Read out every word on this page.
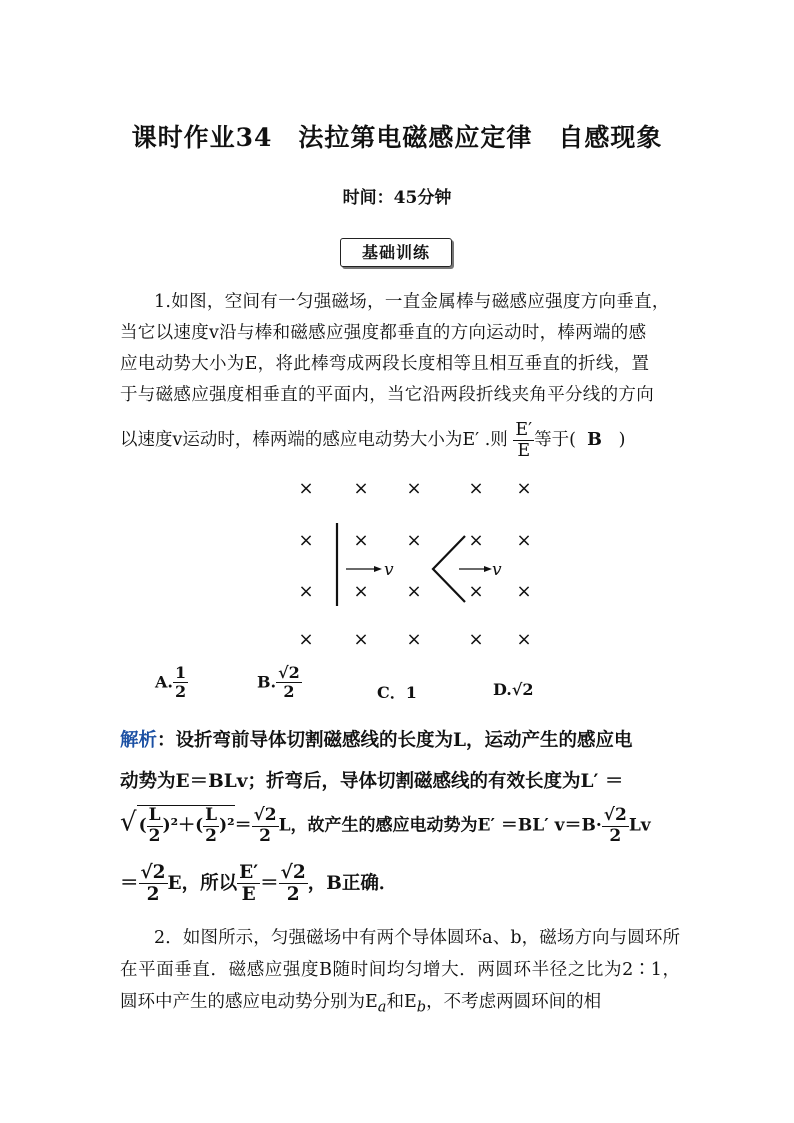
课时作业34 法拉第电磁感应定律 自感现象
时间：45分钟
基础训练
1.如图，空间有一匀强磁场，一直金属棒与磁感应强度方向垂直，
当它以速度v沿与棒和磁感应强度都垂直的方向运动时，棒两端的感
应电动势大小为E，将此棒弯成两段长度相等且相互垂直的折线，置
于与磁感应强度相垂直的平面内，当它沿两段折线夹角平分线的方向
以速度v运动时，棒两端的感应电动势大小为E′ .则 $\frac{E'}{E}$ 等于( B )
× × ×	× ×
× × ×	× ×
× × ×	× ×
× × ×	× ×
v	v
A. $\frac{1}{2}$	B. $\frac{√2}{2}$	C．1	D.√2
解析：设折弯前导体切割磁感线的长度为L，运动产生的感应电
动势为E＝BLv；折弯后，导体切割磁感线的有效长度为L′ ＝
√ ( $\frac{L}{2} )^2+( \frac{L}{2} )^2= \frac{√2}{2}$ L，故产生的感应电动势为E′ ＝BL′ $v=B\cdot \frac{√2}{2}$ Lv
＝ $\frac{√2}{2}$ E，所以 $\frac{E'}{E} = \frac{√2}{2}$ ，B正确．
2．如图所示，匀强磁场中有两个导体圆环a、b，磁场方向与圆环所在平面垂直．磁感应强度B随时间均匀增大．两圆环半径之比为2∶1，圆环中产生的感应电动势分别为$E_a$和$E_b$，不考虑两圆环间的相
